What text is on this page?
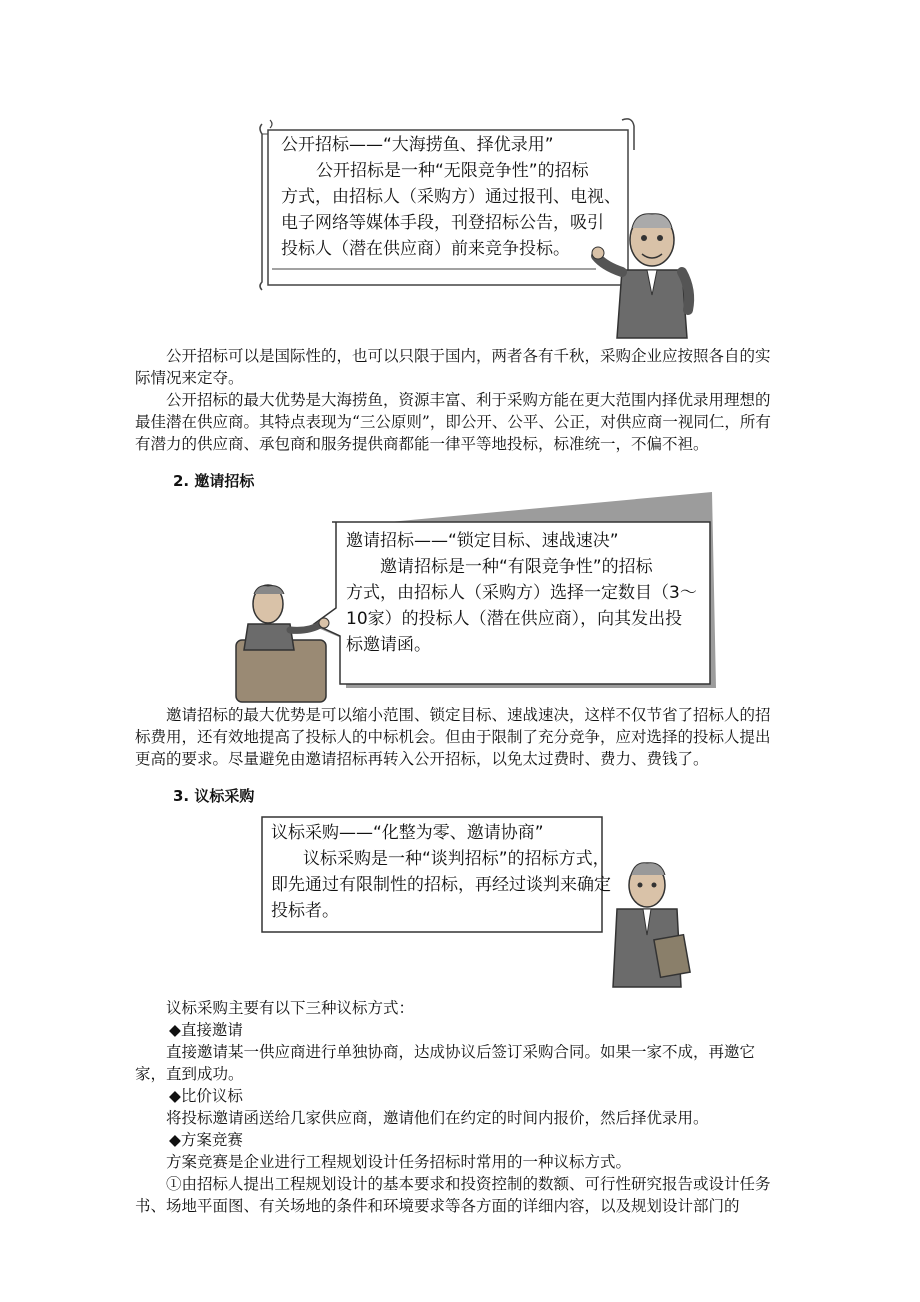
公开招标——“大海捞鱼、择优录用”
公开招标是一种“无限竞争性”的招标
方式，由招标人（采购方）通过报刊、电视、
电子网络等媒体手段，刊登招标公告，吸引
投标人（潜在供应商）前来竞争投标。

公开招标可以是国际性的，也可以只限于国内，两者各有千秋，采购企业应按照各自的实际情况来定夺。

公开招标的最大优势是大海捞鱼，资源丰富、利于采购方能在更大范围内择优录用理想的最佳潜在供应商。其特点表现为“三公原则”，即公开、公平、公正，对供应商一视同仁，所有有潜力的供应商、承包商和服务提供商都能一律平等地投标，标准统一，不偏不袒。

2. 邀请招标
邀请招标——“锁定目标、速战速决”
邀请招标是一种“有限竞争性”的招标
方式，由招标人（采购方）选择一定数目（3～
10家）的投标人（潜在供应商），向其发出投
标邀请函。

邀请招标的最大优势是可以缩小范围、锁定目标、速战速决，这样不仅节省了招标人的招标费用，还有效地提高了投标人的中标机会。但由于限制了充分竞争，应对选择的投标人提出更高的要求。尽量避免由邀请招标再转入公开招标，以免太过费时、费力、费钱了。

3. 议标采购
议标采购——“化整为零、邀请协商”
议标采购是一种“谈判招标”的招标方式，
即先通过有限制性的招标，再经过谈判来确定
投标者。

议标采购主要有以下三种议标方式：

◆直接邀请

直接邀请某一供应商进行单独协商，达成协议后签订采购合同。如果一家不成，再邀它家，直到成功。

◆比价议标

将投标邀请函送给几家供应商，邀请他们在约定的时间内报价，然后择优录用。

◆方案竞赛

方案竞赛是企业进行工程规划设计任务招标时常用的一种议标方式。

①由招标人提出工程规划设计的基本要求和投资控制的数额、可行性研究报告或设计任务书、场地平面图、有关场地的条件和环境要求等各方面的详细内容，以及规划设计部门的
